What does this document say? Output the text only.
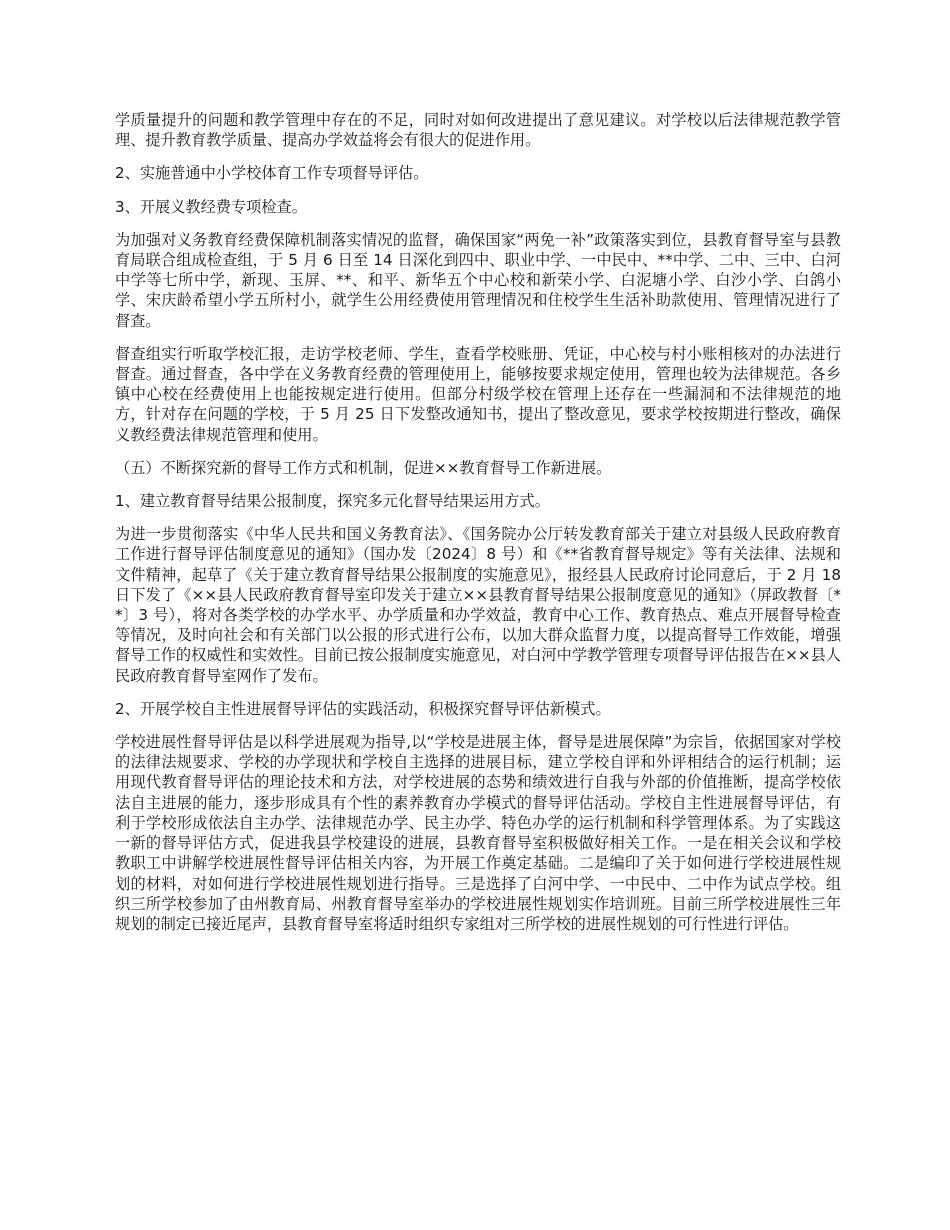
学质量提升的问题和教学管理中存在的不足，同时对如何改进提出了意见建议。对学校以后法律规范教学管理、提升教育教学质量、提高办学效益将会有很大的促进作用。

2、实施普通中小学校体育工作专项督导评估。

3、开展义教经费专项检查。

为加强对义务教育经费保障机制落实情况的监督，确保国家“两免一补”政策落实到位，县教育督导室与县教育局联合组成检查组，于 5 月 6 日至 14 日深化到四中、职业中学、一中民中、**中学、二中、三中、白河中学等七所中学，新现、玉屏、**、和平、新华五个中心校和新荣小学、白泥塘小学、白沙小学、白鸽小学、宋庆龄希望小学五所村小，就学生公用经费使用管理情况和住校学生生活补助款使用、管理情况进行了督查。

督查组实行听取学校汇报，走访学校老师、学生，查看学校账册、凭证，中心校与村小账相核对的办法进行督查。通过督查，各中学在义务教育经费的管理使用上，能够按要求规定使用，管理也较为法律规范。各乡镇中心校在经费使用上也能按规定进行使用。但部分村级学校在管理上还存在一些漏洞和不法律规范的地方，针对存在问题的学校，于 5 月 25 日下发整改通知书，提出了整改意见，要求学校按期进行整改，确保义教经费法律规范管理和使用。

（五）不断探究新的督导工作方式和机制，促进××教育督导工作新进展。

1、建立教育督导结果公报制度，探究多元化督导结果运用方式。

为进一步贯彻落实《中华人民共和国义务教育法》、《国务院办公厅转发教育部关于建立对县级人民政府教育工作进行督导评估制度意见的通知》（国办发〔2024〕8 号）和《**省教育督导规定》等有关法律、法规和文件精神，起草了《关于建立教育督导结果公报制度的实施意见》，报经县人民政府讨论同意后，于 2 月 18 日下发了《××县人民政府教育督导室印发关于建立××县教育督导结果公报制度意见的通知》（屏政教督〔**〕3 号），将对各类学校的办学水平、办学质量和办学效益，教育中心工作、教育热点、难点开展督导检查等情况，及时向社会和有关部门以公报的形式进行公布，以加大群众监督力度，以提高督导工作效能，增强督导工作的权威性和实效性。目前已按公报制度实施意见，对白河中学教学管理专项督导评估报告在××县人民政府教育督导室网作了发布。

2、开展学校自主性进展督导评估的实践活动，积极探究督导评估新模式。

学校进展性督导评估是以科学进展观为指导,以“学校是进展主体，督导是进展保障”为宗旨，依据国家对学校的法律法规要求、学校的办学现状和学校自主选择的进展目标，建立学校自评和外评相结合的运行机制；运用现代教育督导评估的理论技术和方法，对学校进展的态势和绩效进行自我与外部的价值推断，提高学校依法自主进展的能力，逐步形成具有个性的素养教育办学模式的督导评估活动。学校自主性进展督导评估，有利于学校形成依法自主办学、法律规范办学、民主办学、特色办学的运行机制和科学管理体系。为了实践这一新的督导评估方式，促进我县学校建设的进展，县教育督导室积极做好相关工作。一是在相关会议和学校教职工中讲解学校进展性督导评估相关内容，为开展工作奠定基础。二是编印了关于如何进行学校进展性规划的材料，对如何进行学校进展性规划进行指导。三是选择了白河中学、一中民中、二中作为试点学校。组织三所学校参加了由州教育局、州教育督导室举办的学校进展性规划实作培训班。目前三所学校进展性三年规划的制定已接近尾声，县教育督导室将适时组织专家组对三所学校的进展性规划的可行性进行评估。
